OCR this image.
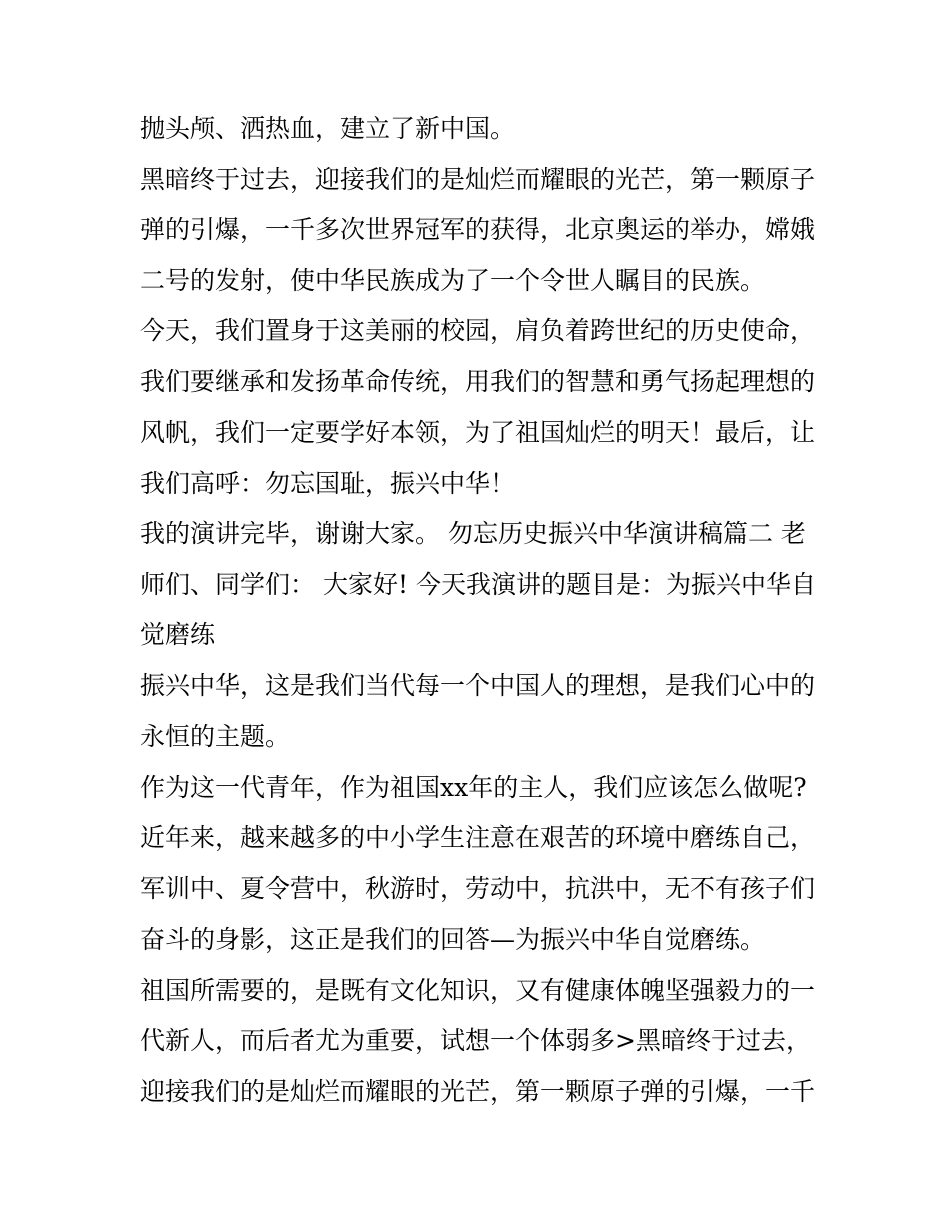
抛头颅、洒热血，建立了新中国。
黑暗终于过去，迎接我们的是灿烂而耀眼的光芒，第一颗原子
弹的引爆，一千多次世界冠军的获得，北京奥运的举办，嫦娥
二号的发射，使中华民族成为了一个令世人瞩目的民族。
今天，我们置身于这美丽的校园，肩负着跨世纪的历史使命，
我们要继承和发扬革命传统，用我们的智慧和勇气扬起理想的
风帆，我们一定要学好本领，为了祖国灿烂的明天！最后，让
我们高呼：勿忘国耻，振兴中华！
我的演讲完毕，谢谢大家。 勿忘历史振兴中华演讲稿篇二 老
师们、同学们： 大家好! 今天我演讲的题目是：为振兴中华自
觉磨练
振兴中华，这是我们当代每一个中国人的理想，是我们心中的
永恒的主题。
作为这一代青年，作为祖国xx年的主人，我们应该怎么做呢?
近年来，越来越多的中小学生注意在艰苦的环境中磨练自己，
军训中、夏令营中，秋游时，劳动中，抗洪中，无不有孩子们
奋斗的身影，这正是我们的回答—为振兴中华自觉磨练。
祖国所需要的，是既有文化知识，又有健康体魄坚强毅力的一
代新人，而后者尤为重要，试想一个体弱多>黑暗终于过去，
迎接我们的是灿烂而耀眼的光芒，第一颗原子弹的引爆，一千
